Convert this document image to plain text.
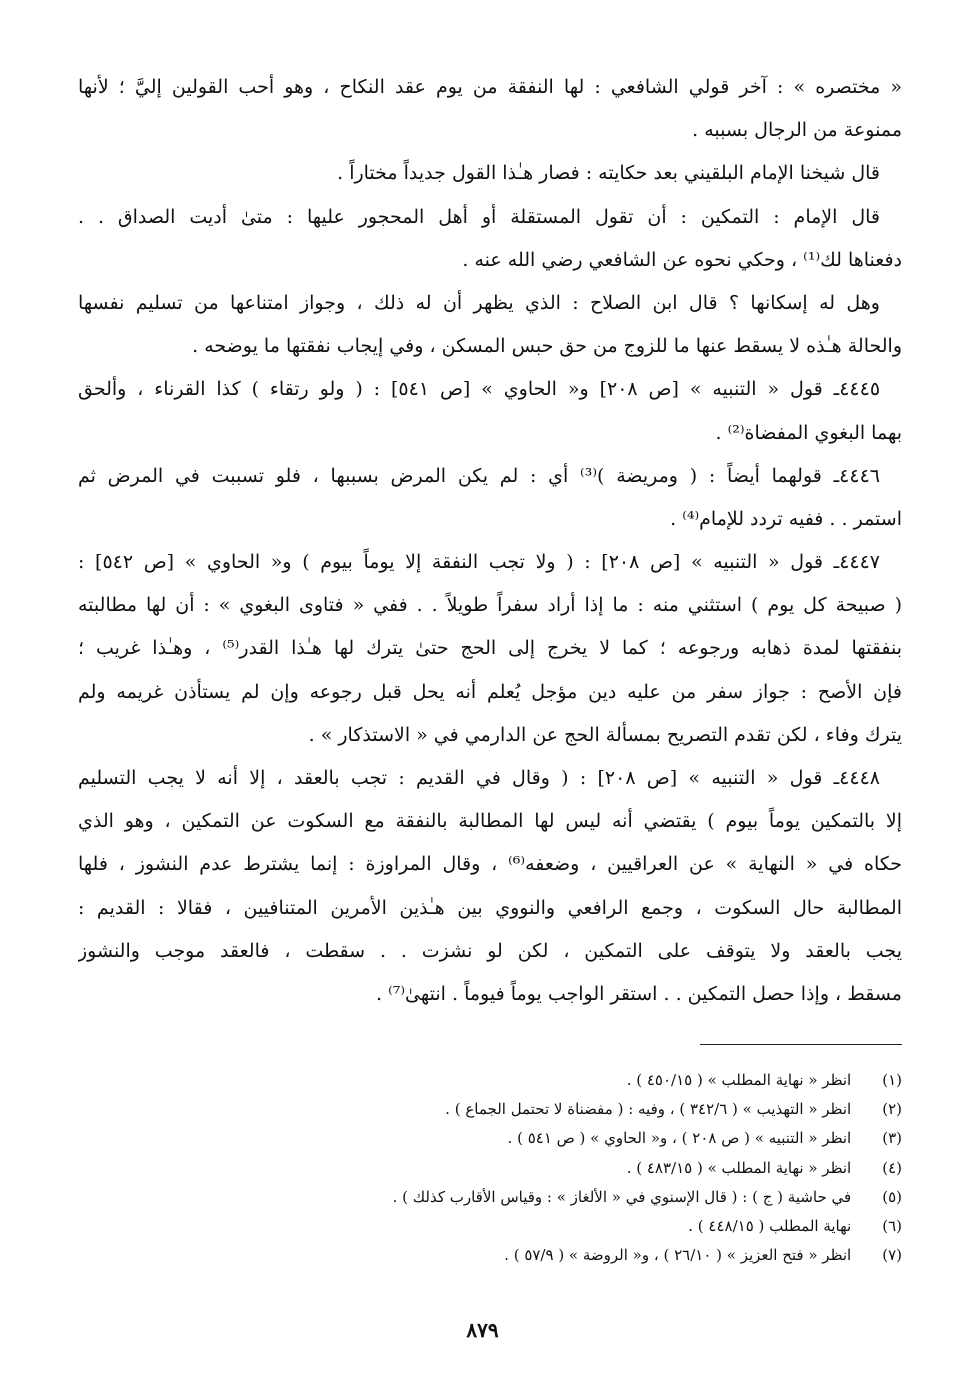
« مختصره » : آخر قولي الشافعي : لها النفقة من يوم عقد النكاح ، وهو أحب القولين إليَّ ؛ لأنها
ممنوعة من الرجال بسببه .
قال شيخنا الإمام البلقيني بعد حكايته : فصار هـٰذا القول جديداً مختاراً .
قال الإمام : التمكين : أن تقول المستقلة أو أهل المحجور عليها : متىٰ أديت الصداق . .
دفعناها لك⁽¹⁾ ، وحكي نحوه عن الشافعي رضي الله عنه .
وهل له إسكانها ؟ قال ابن الصلاح : الذي يظهر أن له ذلك ، وجواز امتناعها من تسليم نفسها
والحالة هـٰذه لا يسقط عنها ما للزوج من حق حبس المسكن ، وفي إيجاب نفقتها ما يوضحه .
٤٤٤٥ـ قول « التنبيه » [ص ٢٠٨] و« الحاوي » [ص ٥٤١] : ( ولو رتقاء ) كذا القرناء ، وألحق
بهما البغوي المفضاة⁽²⁾ .
٤٤٤٦ـ قولهما أيضاً : ( ومريضة )⁽³⁾ أي : لم يكن المرض بسببها ، فلو تسببت في المرض ثم
استمر . . ففيه تردد للإمام⁽⁴⁾ .
٤٤٤٧ـ قول « التنبيه » [ص ٢٠٨] : ( ولا تجب النفقة إلا يوماً بيوم ) و« الحاوي » [ص ٥٤٢] :
( صبيحة كل يوم ) استثني منه : ما إذا أراد سفراً طويلاً . . ففي « فتاوى البغوي » : أن لها مطالبته
بنفقتها لمدة ذهابه ورجوعه ؛ كما لا يخرج إلى الحج حتىٰ يترك لها هـٰذا القدر⁽⁵⁾ ، وهـٰذا غريب ؛
فإن الأصح : جواز سفر من عليه دين مؤجل يُعلم أنه يحل قبل رجوعه وإن لم يستأذن غريمه ولم
يترك وفاء ، لكن تقدم التصريح بمسألة الحج عن الدارمي في « الاستذكار » .
٤٤٤٨ـ قول « التنبيه » [ص ٢٠٨] : ( وقال في القديم : تجب بالعقد ، إلا أنه لا يجب التسليم
إلا بالتمكين يوماً بيوم ) يقتضي أنه ليس لها المطالبة بالنفقة مع السكوت عن التمكين ، وهو الذي
حكاه في « النهاية » عن العراقيين ، وضعفه⁽⁶⁾ ، وقال المراوزة : إنما يشترط عدم النشوز ، فلها
المطالبة حال السكوت ، وجمع الرافعي والنووي بين هـٰذين الأمرين المتنافيين ، فقالا : القديم :
يجب بالعقد ولا يتوقف على التمكين ، لكن لو نشزت . . سقطت ، فالعقد موجب والنشوز
مسقط ، وإذا حصل التمكين . . استقر الواجب يوماً فيوماً . انتهىٰ⁽⁷⁾ .
(١) انظر « نهاية المطلب » ( ٤٥٠/١٥ ) .
(٢) انظر « التهذيب » ( ٣٤٢/٦ ) ، وفيه : ( مفضناة لا تحتمل الجماع ) .
(٣) انظر « التنبيه » ( ص ٢٠٨ ) ، و« الحاوي » ( ص ٥٤١ ) .
(٤) انظر « نهاية المطلب » ( ٤٨٣/١٥ ) .
(٥) في حاشية ( ج ) : ( قال الإسنوي في « الألغاز » : وقياس الأقارب كذلك ) .
(٦) نهاية المطلب ( ٤٤٨/١٥ ) .
(٧) انظر « فتح العزيز » ( ٢٦/١٠ ) ، و« الروضة » ( ٥٧/٩ ) .
٨٧٩
